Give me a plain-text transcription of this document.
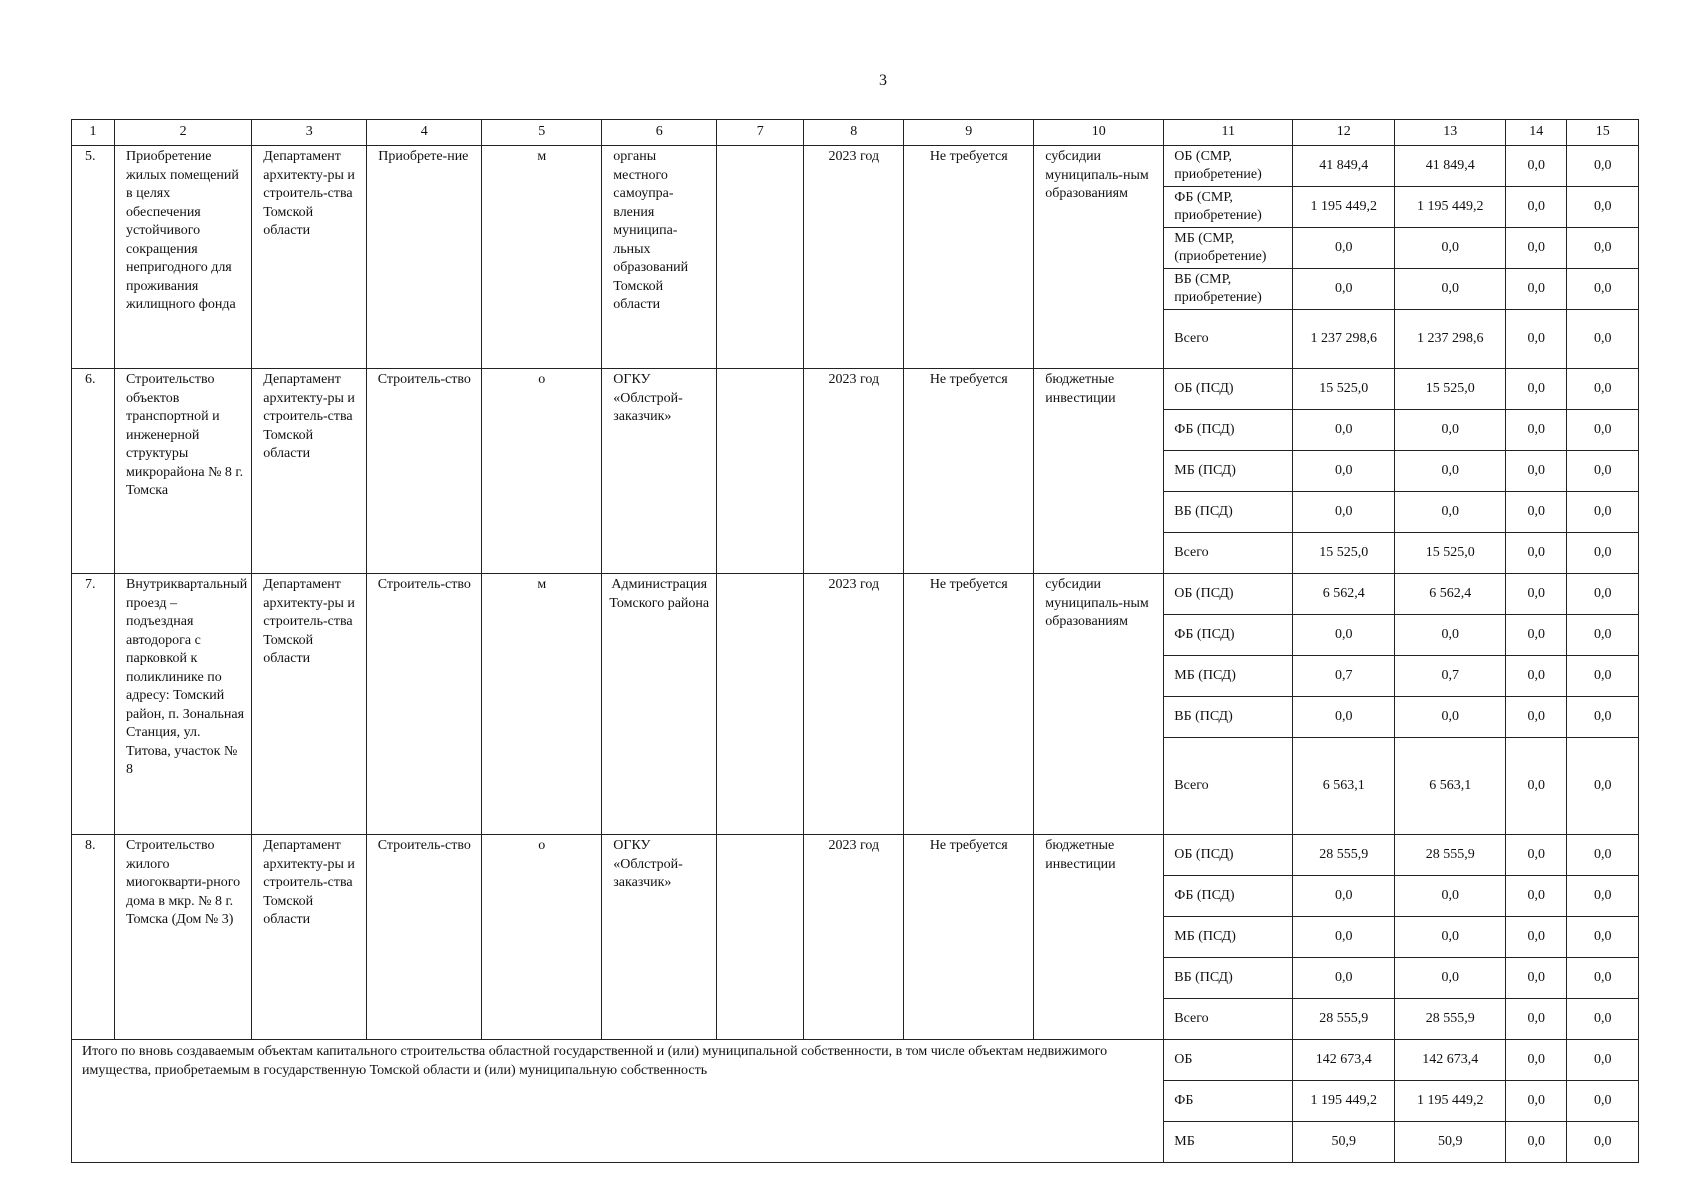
3
1	2	3	4	5	6	7	8	9	10	11	12	13	14	15
5.	Приобретение жилых помещений в целях обеспечения устойчивого сокращения непригодного для проживания жилищного фонда	Департамент архитекту-ры и строитель-ства Томской области	Приобрете-ние	м	органы местного самоупра-вления муниципа-льных образований Томской области		2023 год	Не требуется	субсидии муниципаль-ным образованиям	ОБ (СМР, приобретение)	41 849,4	41 849,4	0,0	0,0
										ФБ (СМР, приобретение)	1 195 449,2	1 195 449,2	0,0	0,0
										МБ (СМР, (приобретение)	0,0	0,0	0,0	0,0
										ВБ (СМР, приобретение)	0,0	0,0	0,0	0,0
										Всего	1 237 298,6	1 237 298,6	0,0	0,0
6.	Строительство объектов транспортной и инженерной структуры микрорайона № 8 г. Томска	Департамент архитекту-ры и строитель-ства Томской области	Строитель-ство	о	ОГКУ «Облстрой-заказчик»		2023 год	Не требуется	бюджетные инвестиции	ОБ (ПСД)	15 525,0	15 525,0	0,0	0,0
										ФБ (ПСД)	0,0	0,0	0,0	0,0
										МБ (ПСД)	0,0	0,0	0,0	0,0
										ВБ (ПСД)	0,0	0,0	0,0	0,0
										Всего	15 525,0	15 525,0	0,0	0,0
7.	Внутриквартальный проезд – подъездная автодорога с парковкой к поликлинике по адресу: Томский район, п. Зональная Станция, ул. Титова, участок № 8	Департамент архитекту-ры и строитель-ства Томской области	Строитель-ство	м	Администрация Томского района		2023 год	Не требуется	субсидии муниципаль-ным образованиям	ОБ (ПСД)	6 562,4	6 562,4	0,0	0,0
										ФБ (ПСД)	0,0	0,0	0,0	0,0
										МБ (ПСД)	0,7	0,7	0,0	0,0
										ВБ (ПСД)	0,0	0,0	0,0	0,0
										Всего	6 563,1	6 563,1	0,0	0,0
8.	Строительство жилого миогокварти-рного дома в мкр. № 8 г. Томска (Дом № 3)	Департамент архитекту-ры и строитель-ства Томской области	Строитель-ство	о	ОГКУ «Облстрой-заказчик»		2023 год	Не требуется	бюджетные инвестиции	ОБ (ПСД)	28 555,9	28 555,9	0,0	0,0
										ФБ (ПСД)	0,0	0,0	0,0	0,0
										МБ (ПСД)	0,0	0,0	0,0	0,0
										ВБ (ПСД)	0,0	0,0	0,0	0,0
										Всего	28 555,9	28 555,9	0,0	0,0
Итого по вновь создаваемым объектам капитального строительства областной государственной и (или) муниципальной собственности, в том числе объектам недвижимого имущества, приобретаемым в государственную Томской области и (или) муниципальную собственность										ОБ	142 673,4	142 673,4	0,0	0,0
										ФБ	1 195 449,2	1 195 449,2	0,0	0,0
										МБ	50,9	50,9	0,0	0,0
